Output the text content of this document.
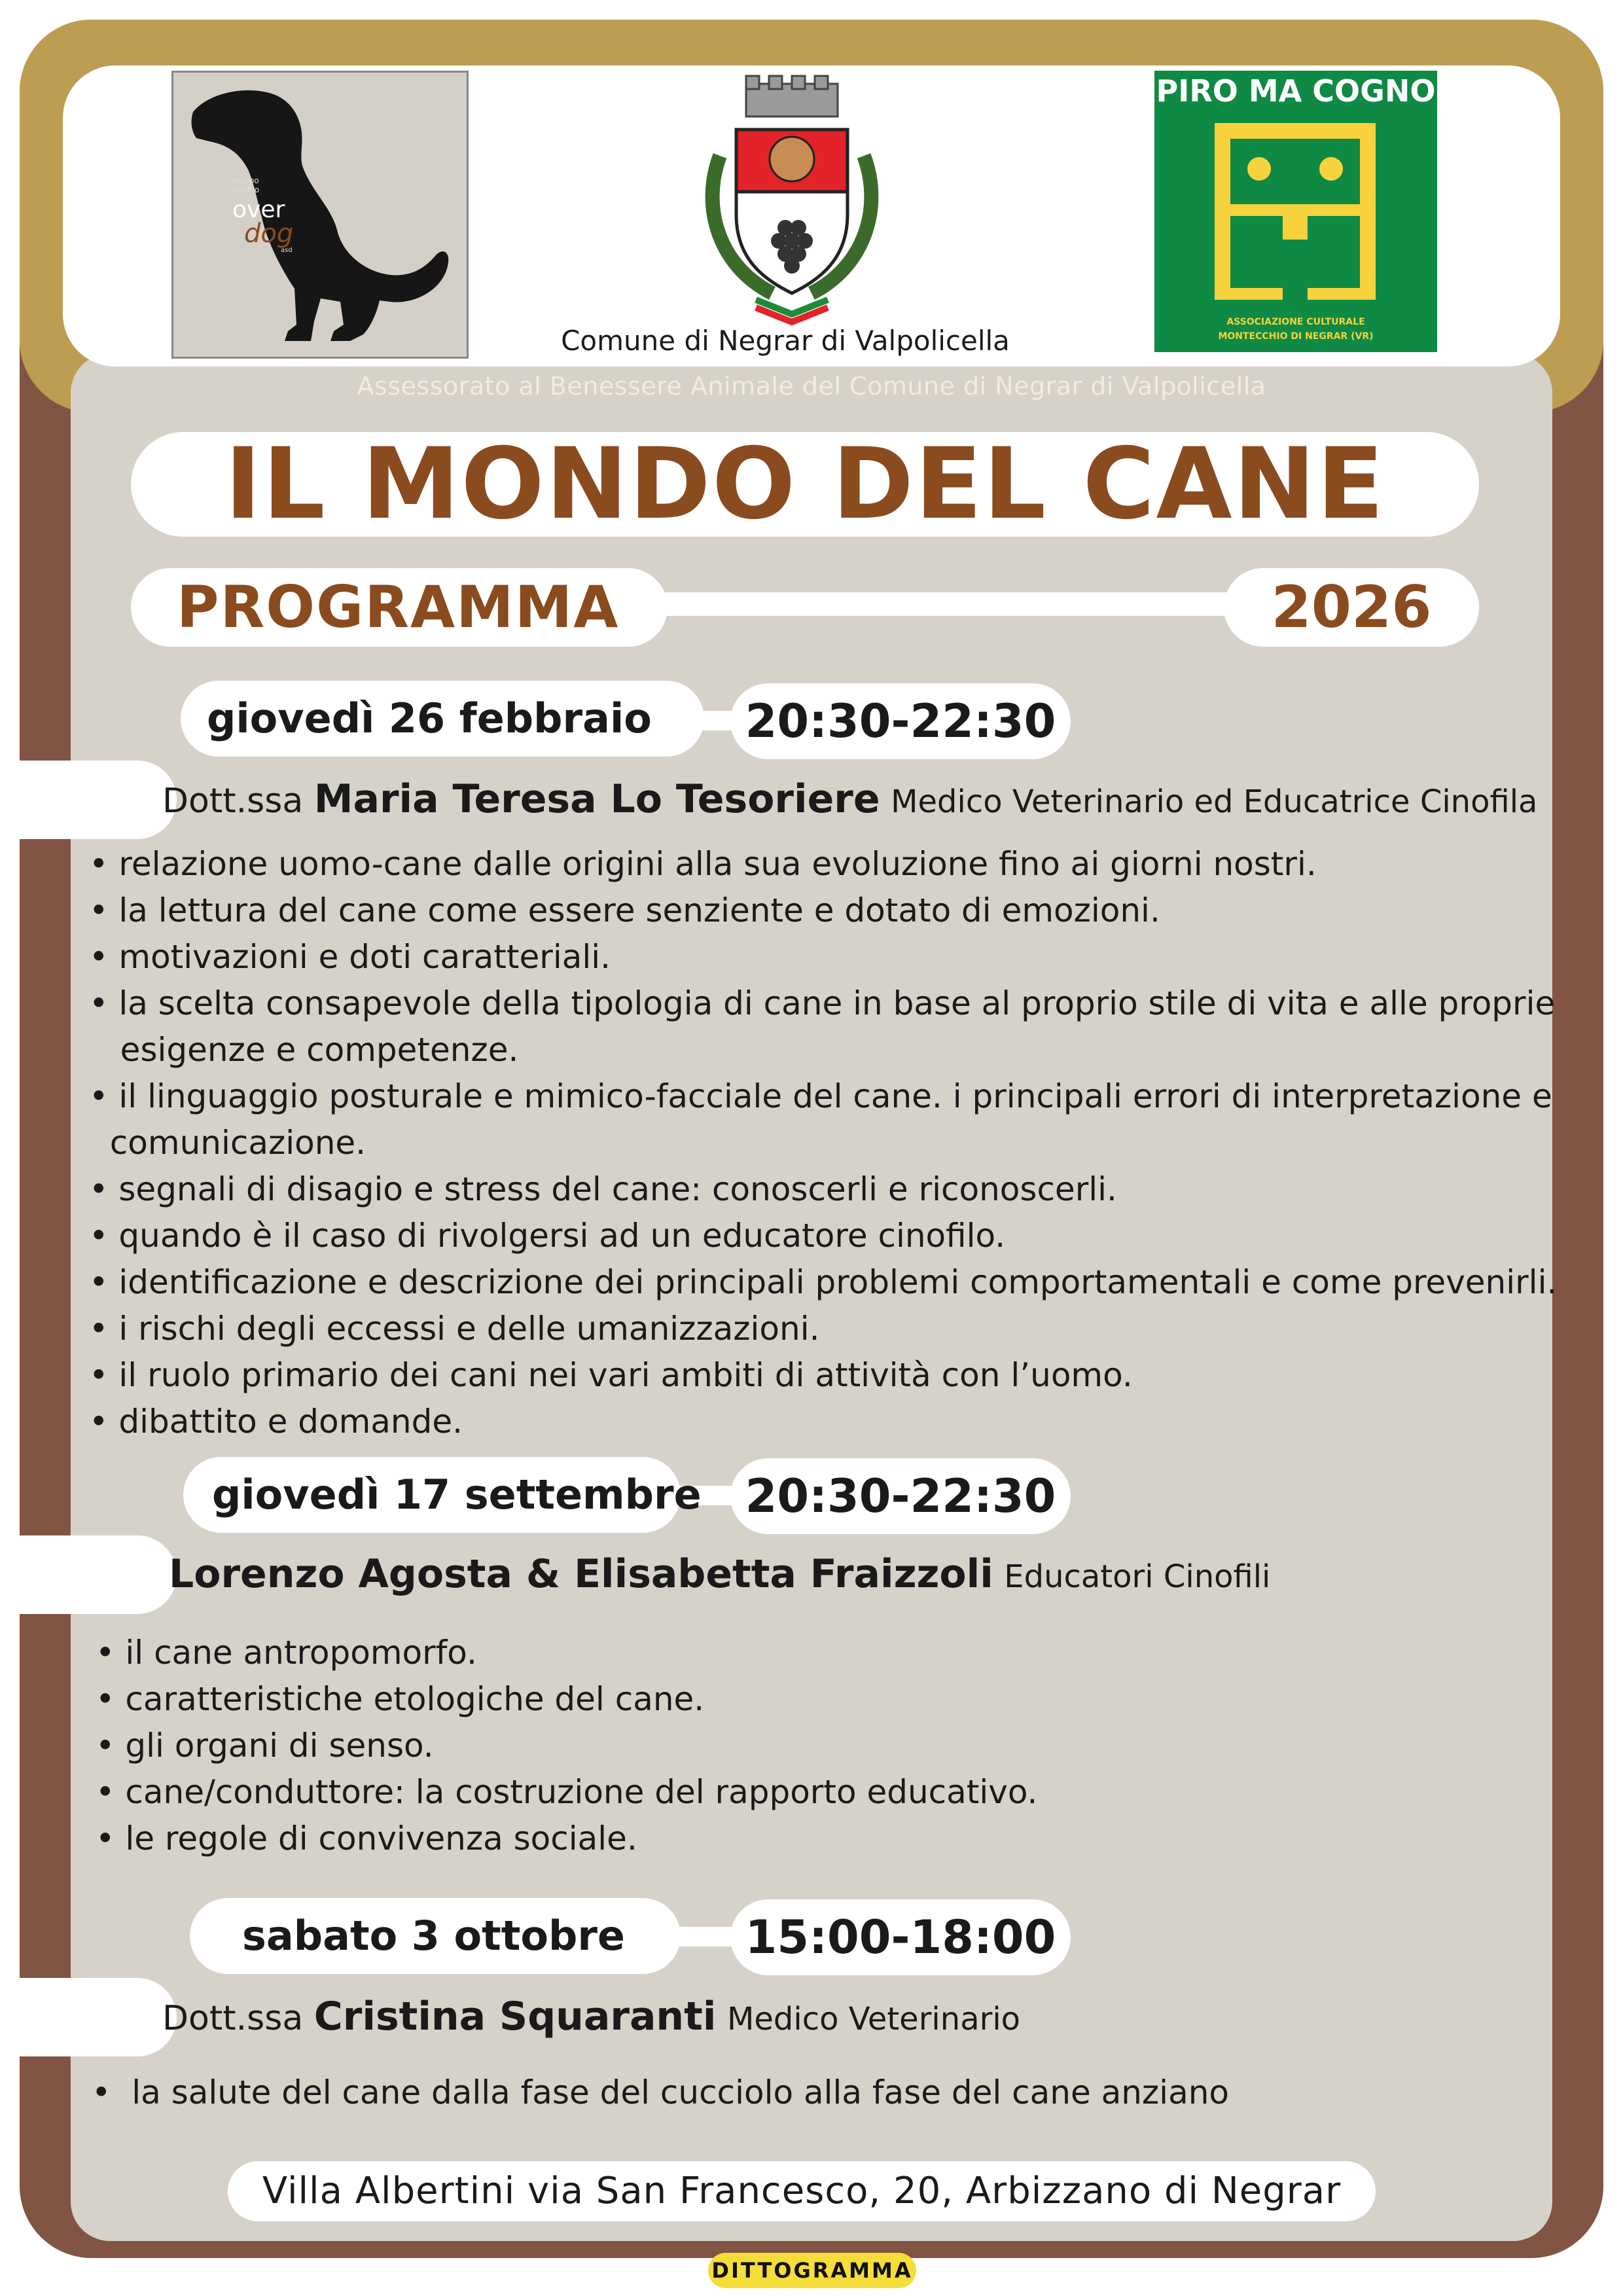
gruppo
cinofilo
over
dog
asd
Comune di Negrar di Valpolicella
PIRO MA COGNO
ASSOCIAZIONE CULTURALE
MONTECCHIO DI NEGRAR (VR)
Assessorato al Benessere Animale del Comune di Negrar di Valpolicella
IL MONDO DEL CANE
PROGRAMMA	2026
giovedì 26 febbraio	20:30-22:30
Dott.ssa Maria Teresa Lo Tesoriere Medico Veterinario ed Educatrice Cinofila
• relazione uomo-cane dalle origini alla sua evoluzione fino ai giorni nostri.
• la lettura del cane come essere senziente e dotato di emozioni.
• motivazioni e doti caratteriali.
• la scelta consapevole della tipologia di cane in base al proprio stile di vita e alle proprie
esigenze e competenze.
• il linguaggio posturale e mimico-facciale del cane. i principali errori di interpretazione e
comunicazione.
• segnali di disagio e stress del cane: conoscerli e riconoscerli.
• quando è il caso di rivolgersi ad un educatore cinofilo.
• identificazione e descrizione dei principali problemi comportamentali e come prevenirli.
• i rischi degli eccessi e delle umanizzazioni.
• il ruolo primario dei cani nei vari ambiti di attività con l’uomo.
• dibattito e domande.
giovedì 17 settembre 20:30-22:30
Lorenzo Agosta & Elisabetta Fraizzoli Educatori Cinofili
• il cane antropomorfo.
• caratteristiche etologiche del cane.
• gli organi di senso.
• cane/conduttore: la costruzione del rapporto educativo.
• le regole di convivenza sociale.
sabato 3 ottobre	15:00-18:00
Dott.ssa Cristina Squaranti Medico Veterinario
•  la salute del cane dalla fase del cucciolo alla fase del cane anziano
Villa Albertini via San Francesco, 20, Arbizzano di Negrar
grafica: DITTOGRAMMA .com
